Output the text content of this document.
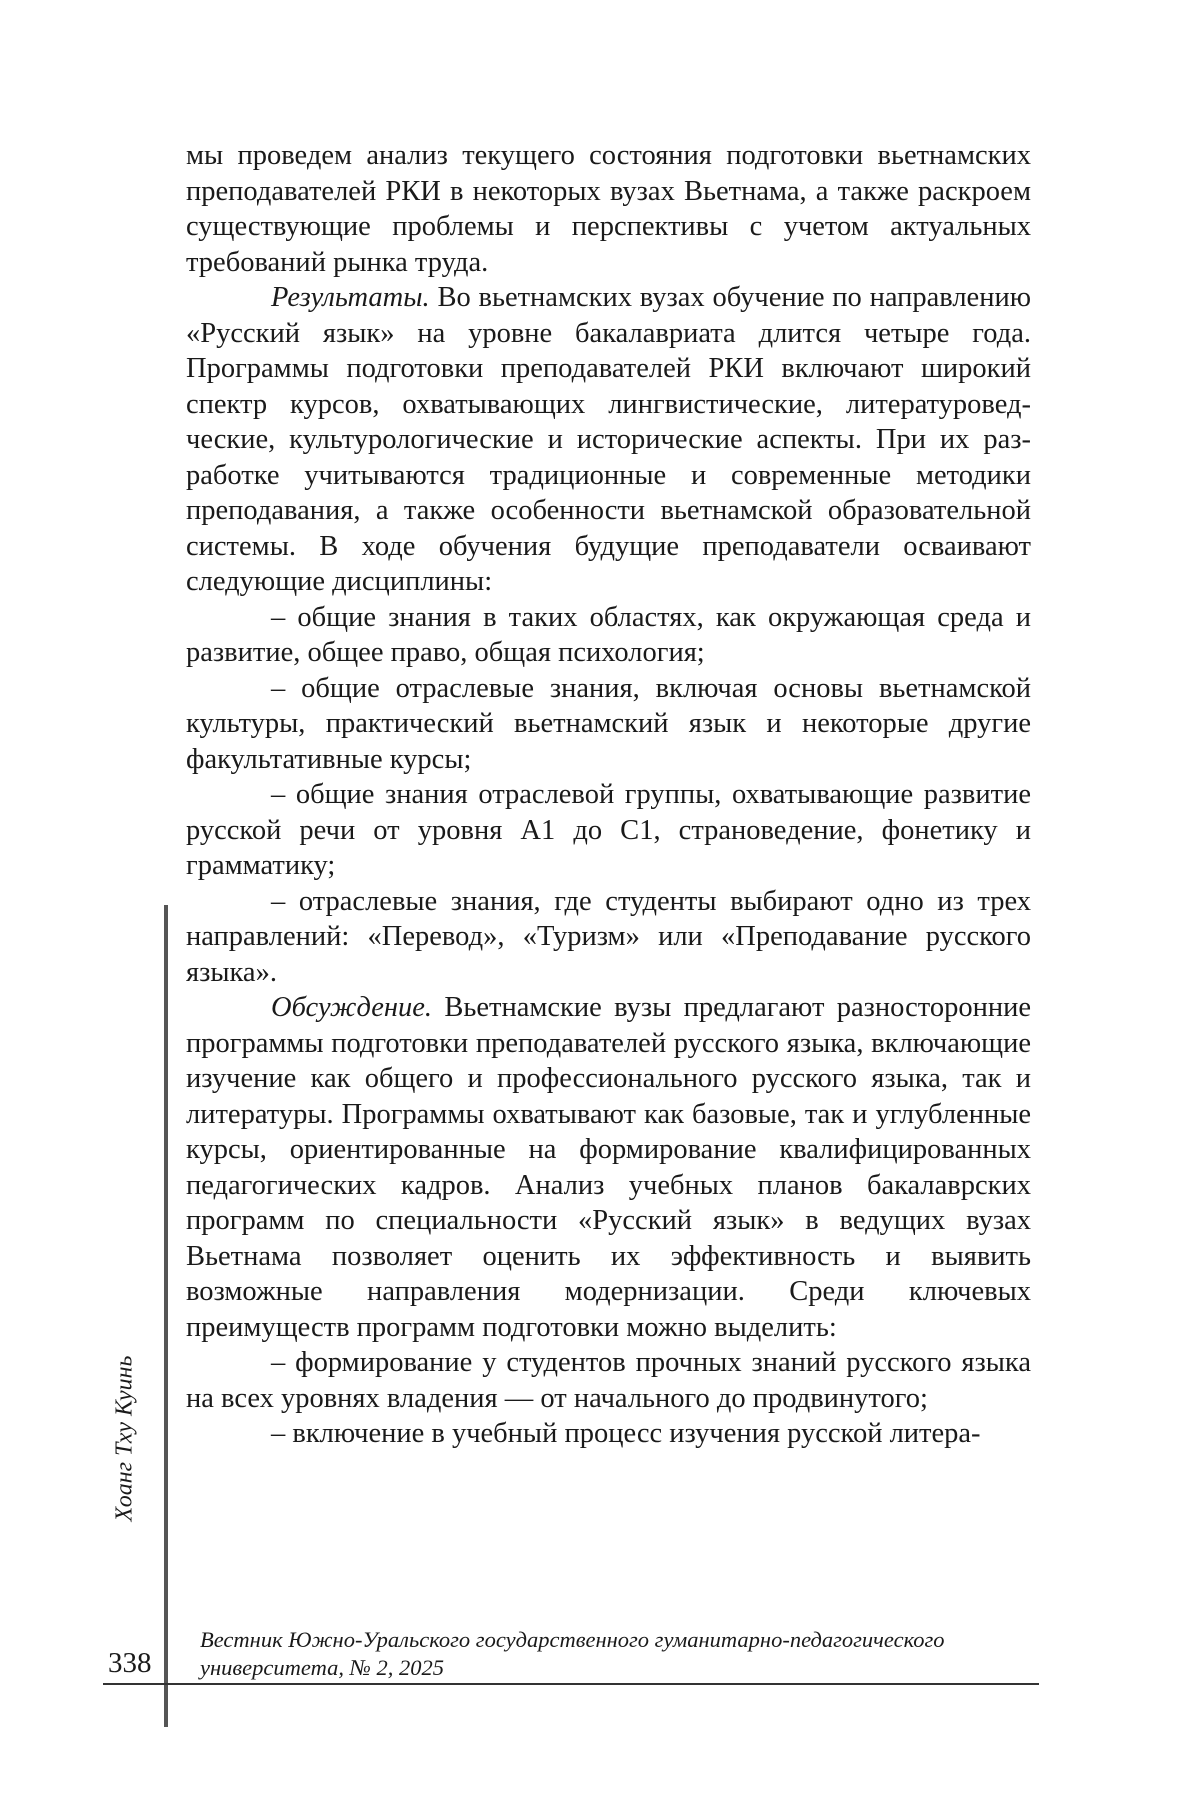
мы проведем анализ текущего состояния подготовки вьетнамских преподавателей РКИ в некоторых вузах Вьетнама, а также рас­кроем существующие проблемы и перспективы с учетом актуаль­ных требований рынка труда.

Результаты. Во вьетнамских вузах обучение по направле­нию «Русский язык» на уровне бакалавриата длится четыре года. Программы подготовки преподавателей РКИ включают широкий спектр курсов, охватывающих лингвистические, литературовед­ческие, культурологические и исторические аспекты. При их раз­работке учитываются традиционные и современные методики преподавания, а также особенности вьетнамской образователь­ной системы. В ходе обучения будущие преподаватели осваи­вают следующие дисциплины:

– общие знания в таких областях, как окружающая среда и развитие, общее право, общая психология;

– общие отраслевые знания, включая основы вьетнамской культуры, практический вьетнамский язык и некоторые другие факультативные курсы;

– общие знания отраслевой группы, охватывающие разви­тие русской речи от уровня А1 до С1, страноведение, фонетику и грамматику;

– отраслевые знания, где студенты выбирают одно из трех направлений: «Перевод», «Туризм» или «Преподавание русского языка».

Обсуждение. Вьетнамские вузы предлагают разносторон­ние программы подготовки преподавателей русского языка, вклю­чающие изучение как общего и профессионального русского языка, так и литературы. Программы охватывают как базовые, так и углубленные курсы, ориентированные на формирование квали­фицированных педагогических кадров. Анализ учебных планов бакалаврских программ по специальности «Русский язык» в ве­дущих вузах Вьетнама позволяет оценить их эффективность и вы­явить возможные направления модернизации. Среди ключевых преимуществ программ подготовки можно выделить:

– формирование у студентов прочных знаний русского языка на всех уровнях владения — от начального до продвину­того;

– включение в учебный процесс изучения русской литера-

Хоанг Тху Куинь
338
Вестник Южно-Уральского государственного гуманитарно-педагогического университета, № 2, 2025
